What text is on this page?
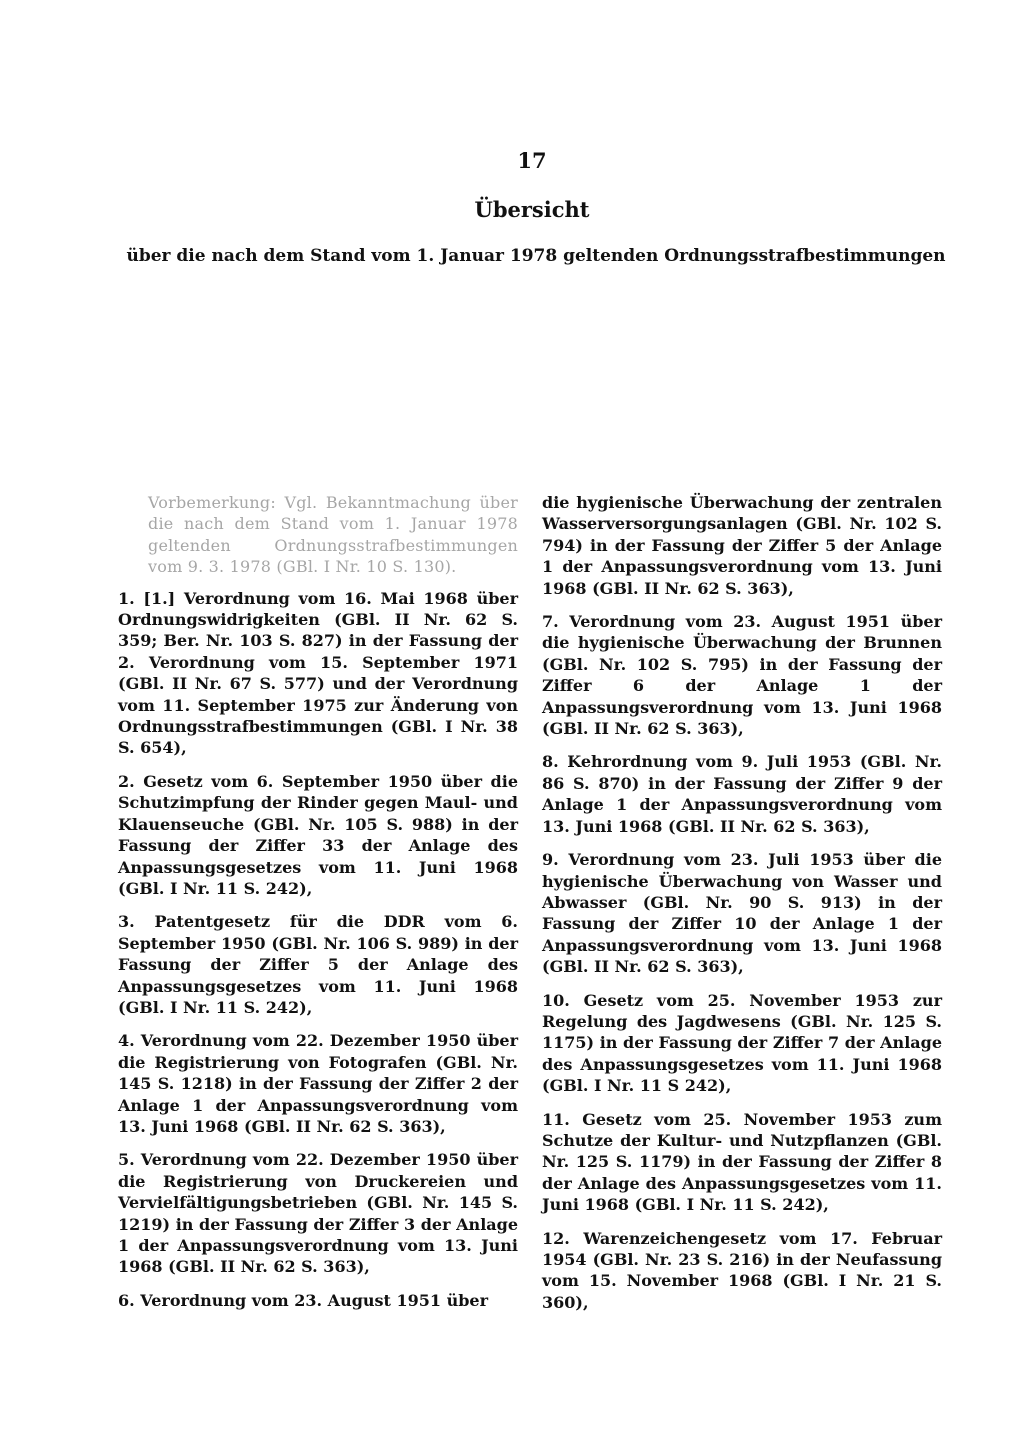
17
Übersicht

über die nach dem Stand vom 1. Januar 1978 geltenden Ordnungsstrafbestimmungen

Vorbemerkung: Vgl. Bekanntmachung über die nach dem Stand vom 1. Januar 1978 geltenden Ordnungsstrafbestimmungen vom 9. 3. 1978 (GBl. I Nr. 10 S. 130).

1. [1.] Verordnung vom 16. Mai 1968 über Ordnungswidrigkeiten (GBl. II Nr. 62 S. 359; Ber. Nr. 103 S. 827) in der Fassung der 2. Verordnung vom 15. September 1971 (GBl. II Nr. 67 S. 577) und der Verordnung vom 11. September 1975 zur Änderung von Ordnungsstrafbestimmungen (GBl. I Nr. 38 S. 654),

2. Gesetz vom 6. September 1950 über die Schutzimpfung der Rinder gegen Maul- und Klauenseuche (GBl. Nr. 105 S. 988) in der Fassung der Ziffer 33 der Anlage des Anpassungsgesetzes vom 11. Juni 1968 (GBl. I Nr. 11 S. 242),

3. Patentgesetz für die DDR vom 6. September 1950 (GBl. Nr. 106 S. 989) in der Fassung der Ziffer 5 der Anlage des Anpassungsgesetzes vom 11. Juni 1968 (GBl. I Nr. 11 S. 242),

4. Verordnung vom 22. Dezember 1950 über die Registrierung von Fotografen (GBl. Nr. 145 S. 1218) in der Fassung der Ziffer 2 der Anlage 1 der Anpassungsverordnung vom 13. Juni 1968 (GBl. II Nr. 62 S. 363),

5. Verordnung vom 22. Dezember 1950 über die Registrierung von Druckereien und Vervielfältigungsbetrieben (GBl. Nr. 145 S. 1219) in der Fassung der Ziffer 3 der Anlage 1 der Anpassungsverordnung vom 13. Juni 1968 (GBl. II Nr. 62 S. 363),

6. Verordnung vom 23. August 1951 über

die hygienische Überwachung der zentralen Wasserversorgungsanlagen (GBl. Nr. 102 S. 794) in der Fassung der Ziffer 5 der Anlage 1 der Anpassungsverordnung vom 13. Juni 1968 (GBl. II Nr. 62 S. 363),

7. Verordnung vom 23. August 1951 über die hygienische Überwachung der Brunnen (GBl. Nr. 102 S. 795) in der Fassung der Ziffer 6 der Anlage 1 der Anpassungsverordnung vom 13. Juni 1968 (GBl. II Nr. 62 S. 363),

8. Kehrordnung vom 9. Juli 1953 (GBl. Nr. 86 S. 870) in der Fassung der Ziffer 9 der Anlage 1 der Anpassungsverordnung vom 13. Juni 1968 (GBl. II Nr. 62 S. 363),

9. Verordnung vom 23. Juli 1953 über die hygienische Überwachung von Wasser und Abwasser (GBl. Nr. 90 S. 913) in der Fassung der Ziffer 10 der Anlage 1 der Anpassungsverordnung vom 13. Juni 1968 (GBl. II Nr. 62 S. 363),

10. Gesetz vom 25. November 1953 zur Regelung des Jagdwesens (GBl. Nr. 125 S. 1175) in der Fassung der Ziffer 7 der Anlage des Anpassungsgesetzes vom 11. Juni 1968 (GBl. I Nr. 11 S 242),

11. Gesetz vom 25. November 1953 zum Schutze der Kultur- und Nutzpflanzen (GBl. Nr. 125 S. 1179) in der Fassung der Ziffer 8 der Anlage des Anpassungsgesetzes vom 11. Juni 1968 (GBl. I Nr. 11 S. 242),

12. Warenzeichengesetz vom 17. Februar 1954 (GBl. Nr. 23 S. 216) in der Neufassung vom 15. November 1968 (GBl. I Nr. 21 S. 360),
